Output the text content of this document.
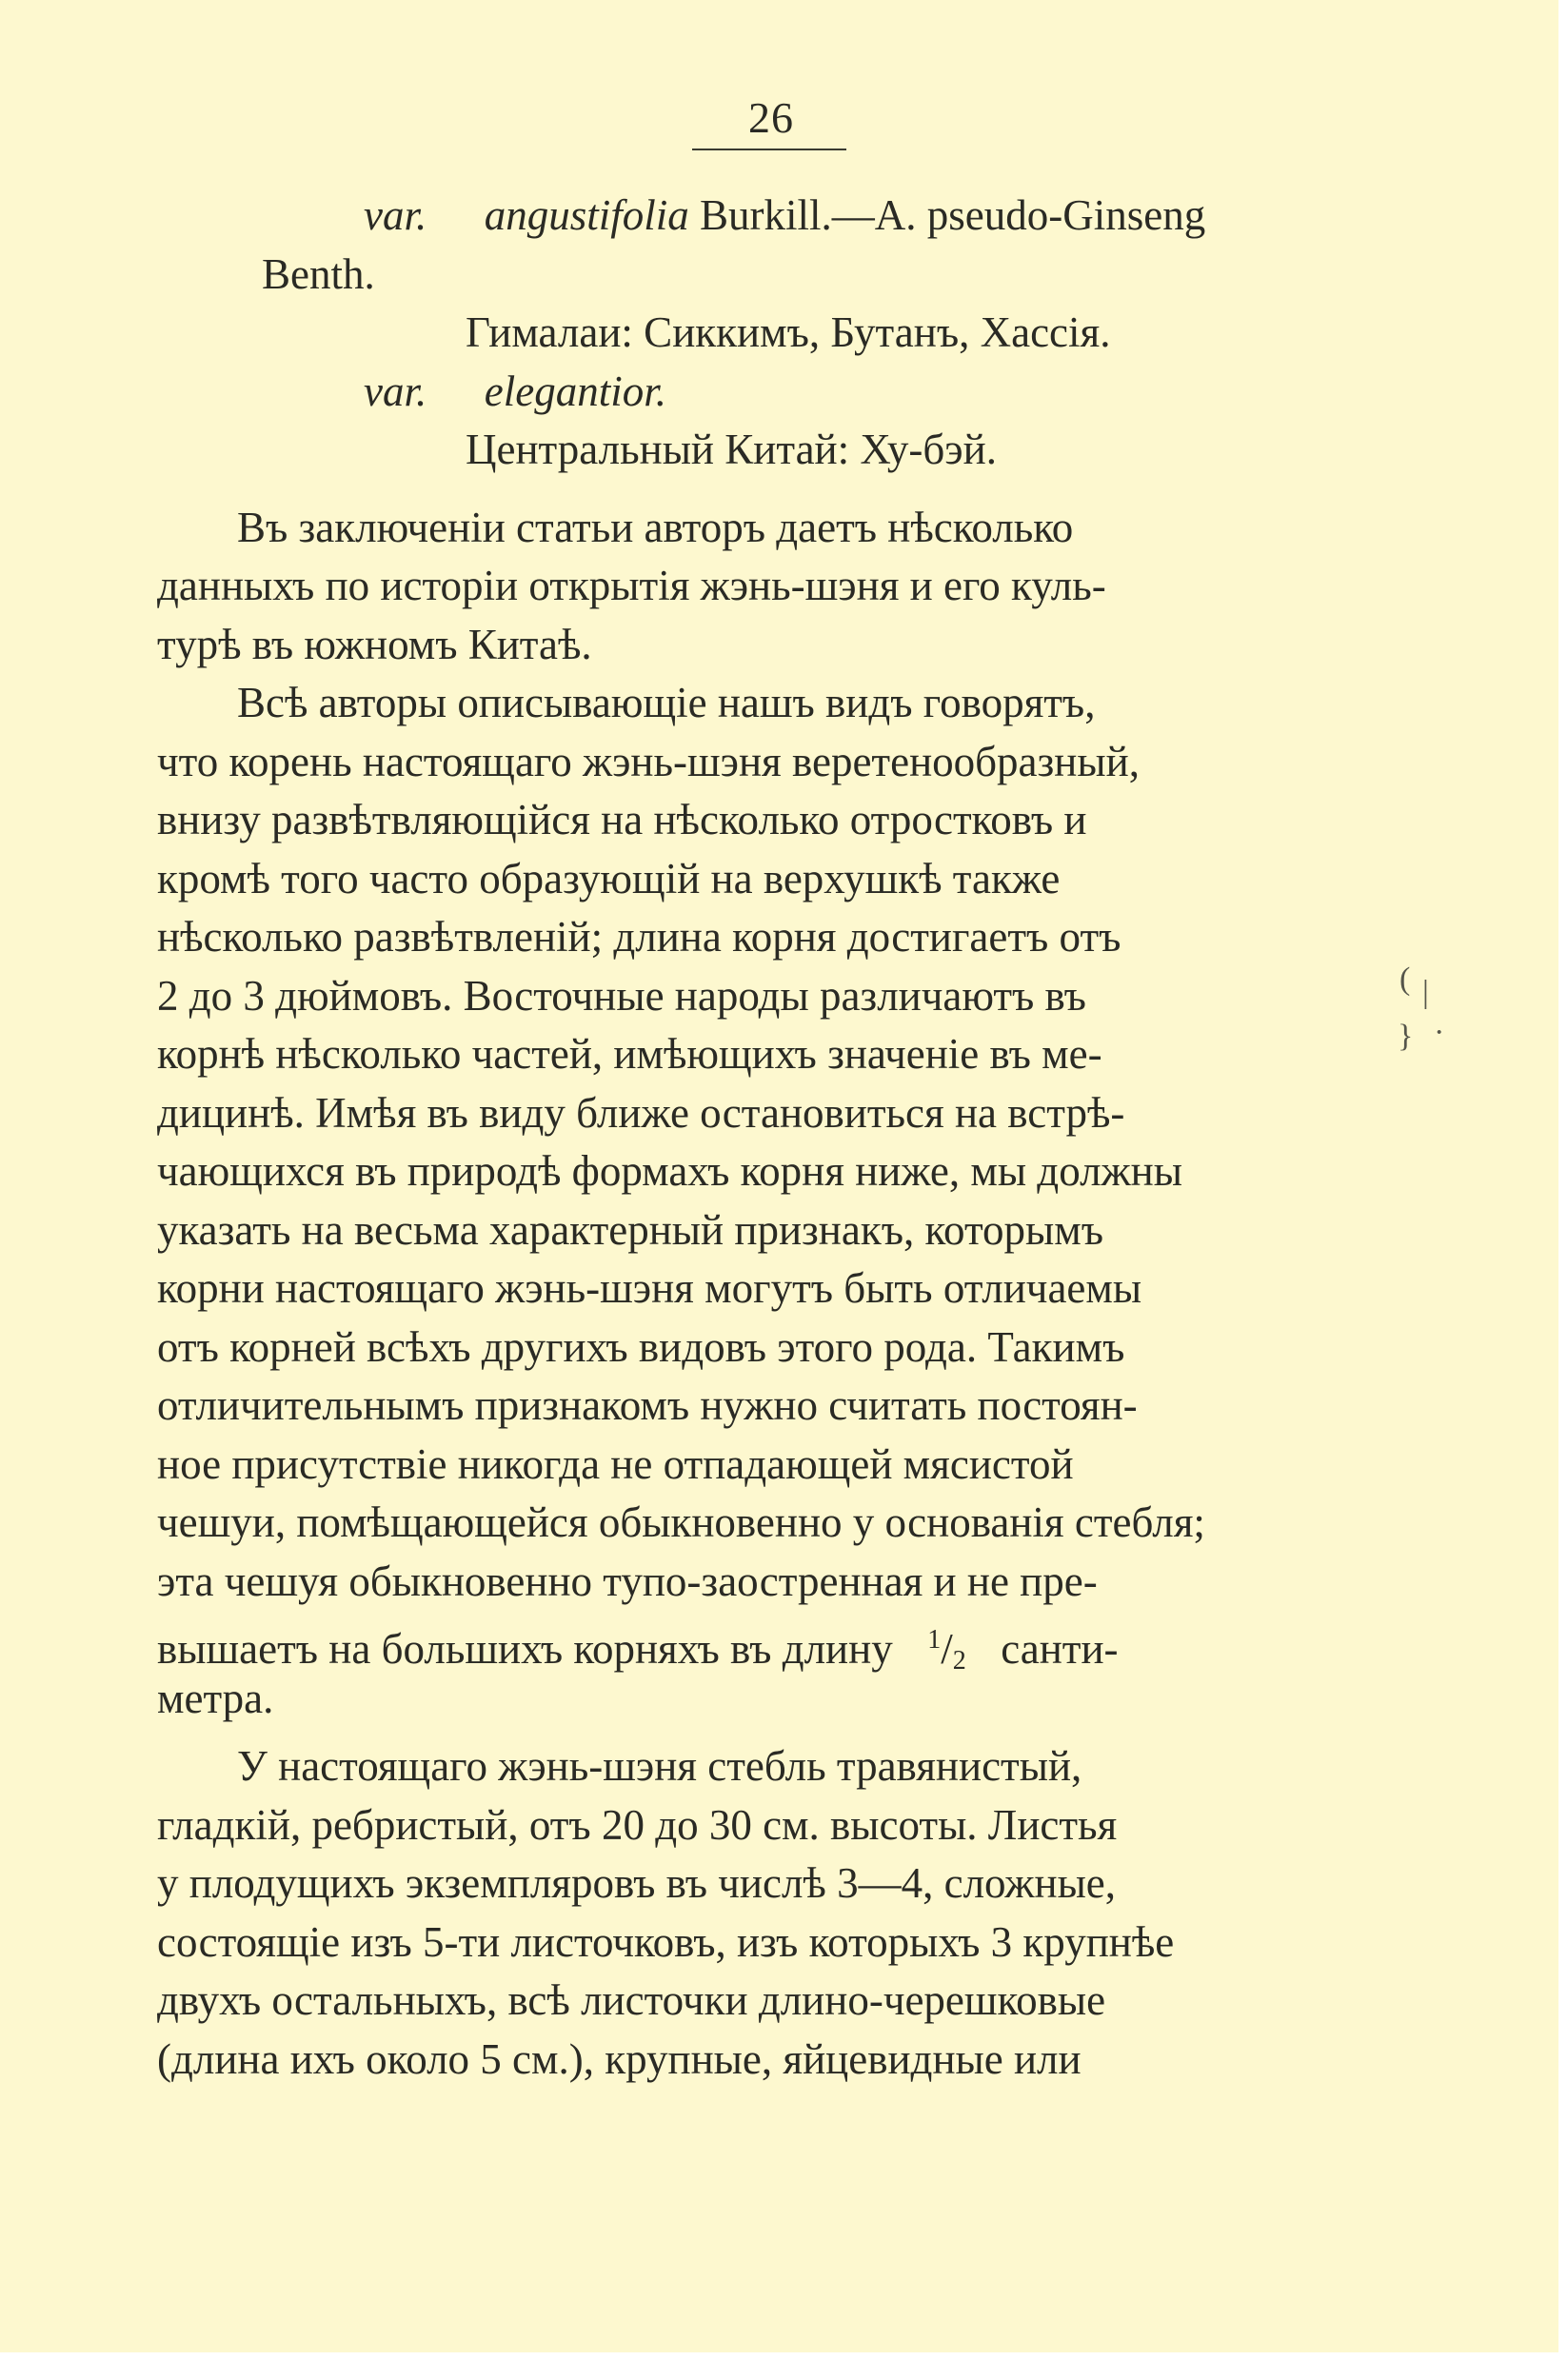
26
var. angustifolia Burkill.—A. pseudo-Ginseng
Benth.
Гималаи: Сиккимъ, Бутанъ, Хассія.
var. elegantior.
Центральный Китай: Ху-бэй.
Въ заключеніи статьи авторъ даетъ нѣсколько
данныхъ по исторіи открытія жэнь-шэня и его куль-
турѣ въ южномъ Китаѣ.
Всѣ авторы описывающіе нашъ видъ говорятъ,
что корень настоящаго жэнь-шэня веретенообразный,
внизу развѣтвляющійся на нѣсколько отростковъ и
кромѣ того часто образующій на верхушкѣ также
нѣсколько развѣтвленій; длина корня достигаетъ отъ
2 до 3 дюймовъ. Восточные народы различаютъ въ
корнѣ нѣсколько частей, имѣющихъ значеніе въ ме-
дицинѣ. Имѣя въ виду ближе остановиться на встрѣ-
чающихся въ природѣ формахъ корня ниже, мы должны
указать на весьма характерный признакъ, которымъ
корни настоящаго жэнь-шэня могутъ быть отличаемы
отъ корней всѣхъ другихъ видовъ этого рода. Такимъ
отличительнымъ признакомъ нужно считать постоян-
ное присутствіе никогда не отпадающей мясистой
чешуи, помѣщающейся обыкновенно у основанія стебля;
эта чешуя обыкновенно тупо-заостренная и не пре-
вышаетъ на большихъ корняхъ въ длину $^1/_2$ санти-
метра.
У настоящаго жэнь-шэня стебль травянистый,
гладкій, ребристый, отъ 20 до 30 см. высоты. Листья
у плодущихъ экземпляровъ въ числѣ 3—4, сложные,
состоящіе изъ 5-ти листочковъ, изъ которыхъ 3 крупнѣе
двухъ остальныхъ, всѣ листочки длино-черешковые
(длина ихъ около 5 см.), крупные, яйцевидные или
( |
} ·
